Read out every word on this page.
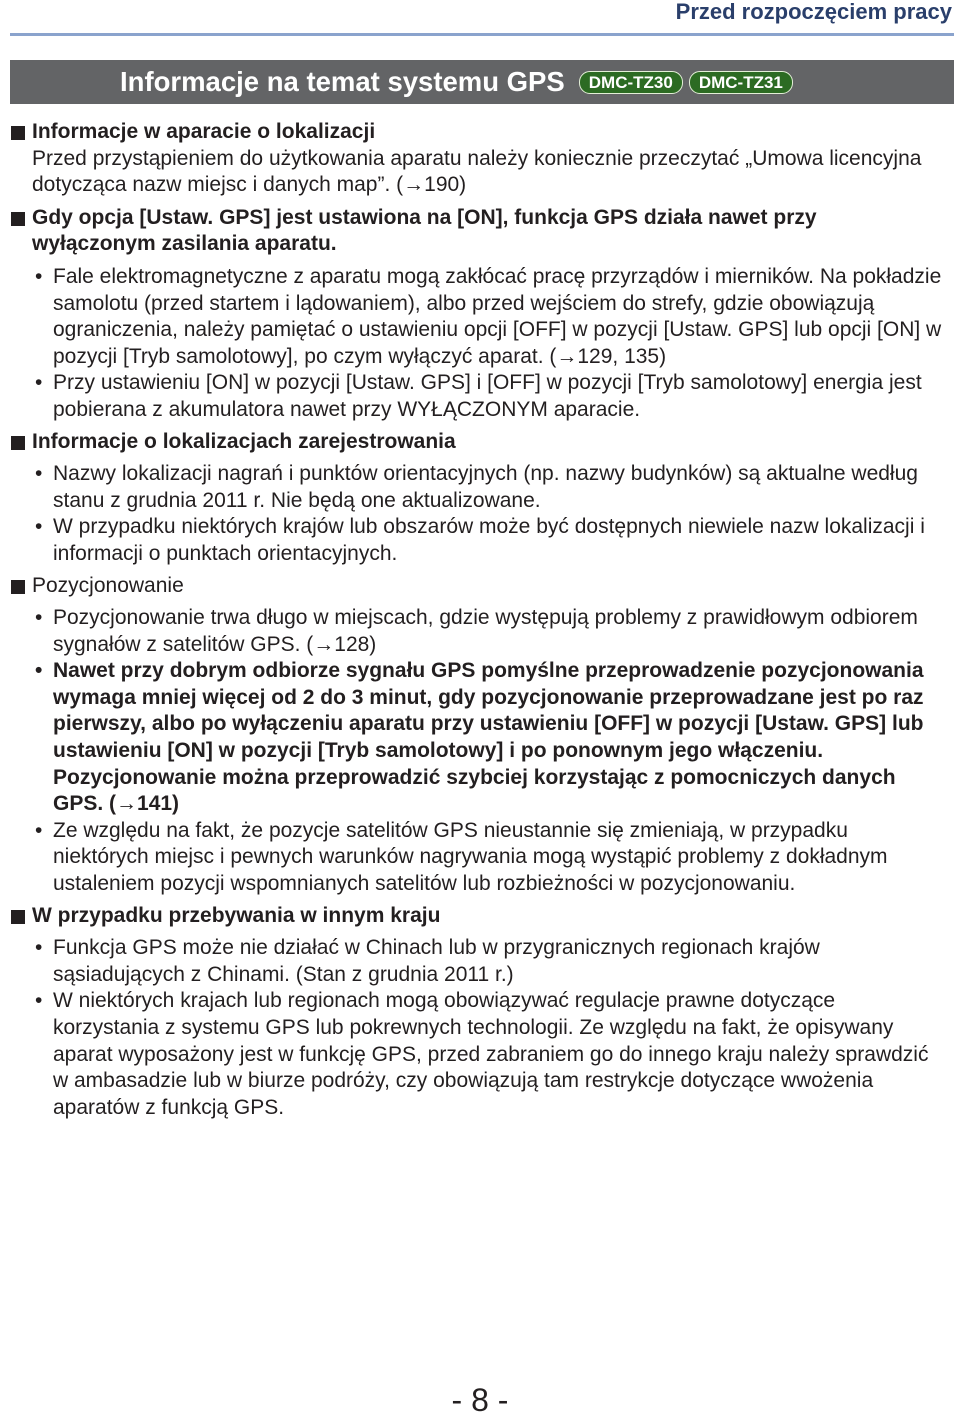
Przed rozpoczęciem pracy
Informacje na temat systemu GPS	DMC-TZ30	DMC-TZ31
Informacje w aparacie o lokalizacji
Przed przystąpieniem do użytkowania aparatu należy koniecznie przeczytać „Umowa licencyjna dotycząca nazw miejsc i danych map”. (→190)
Gdy opcja [Ustaw. GPS] jest ustawiona na [ON], funkcja GPS działa nawet przy wyłączonym zasilania aparatu.
• Fale elektromagnetyczne z aparatu mogą zakłócać pracę przyrządów i mierników. Na pokładzie samolotu (przed startem i lądowaniem), albo przed wejściem do strefy, gdzie obowiązują ograniczenia, należy pamiętać o ustawieniu opcji [OFF] w pozycji [Ustaw. GPS] lub opcji [ON] w pozycji [Tryb samolotowy], po czym wyłączyć aparat. (→129, 135)
• Przy ustawieniu [ON] w pozycji [Ustaw. GPS] i [OFF] w pozycji [Tryb samolotowy] energia jest pobierana z akumulatora nawet przy WYŁĄCZONYM aparacie.
Informacje o lokalizacjach zarejestrowania
• Nazwy lokalizacji nagrań i punktów orientacyjnych (np. nazwy budynków) są aktualne według stanu z grudnia 2011 r. Nie będą one aktualizowane.
• W przypadku niektórych krajów lub obszarów może być dostępnych niewiele nazw lokalizacji i informacji o punktach orientacyjnych.
Pozycjonowanie
• Pozycjonowanie trwa długo w miejscach, gdzie występują problemy z prawidłowym odbiorem sygnałów z satelitów GPS. (→128)
• Nawet przy dobrym odbiorze sygnału GPS pomyślne przeprowadzenie pozycjonowania wymaga mniej więcej od 2 do 3 minut, gdy pozycjonowanie przeprowadzane jest po raz pierwszy, albo po wyłączeniu aparatu przy ustawieniu [OFF] w pozycji [Ustaw. GPS] lub ustawieniu [ON] w pozycji [Tryb samolotowy] i po ponownym jego włączeniu.
Pozycjonowanie można przeprowadzić szybciej korzystając z pomocniczych danych GPS. (→141)
• Ze względu na fakt, że pozycje satelitów GPS nieustannie się zmieniają, w przypadku niektórych miejsc i pewnych warunków nagrywania mogą wystąpić problemy z dokładnym ustaleniem pozycji wspomnianych satelitów lub rozbieżności w pozycjonowaniu.
W przypadku przebywania w innym kraju
• Funkcja GPS może nie działać w Chinach lub w przygranicznych regionach krajów sąsiadujących z Chinami. (Stan z grudnia 2011 r.)
• W niektórych krajach lub regionach mogą obowiązywać regulacje prawne dotyczące korzystania z systemu GPS lub pokrewnych technologii. Ze względu na fakt, że opisywany aparat wyposażony jest w funkcję GPS, przed zabraniem go do innego kraju należy sprawdzić w ambasadzie lub w biurze podróży, czy obowiązują tam restrykcje dotyczące wwożenia aparatów z funkcją GPS.
- 8 -
